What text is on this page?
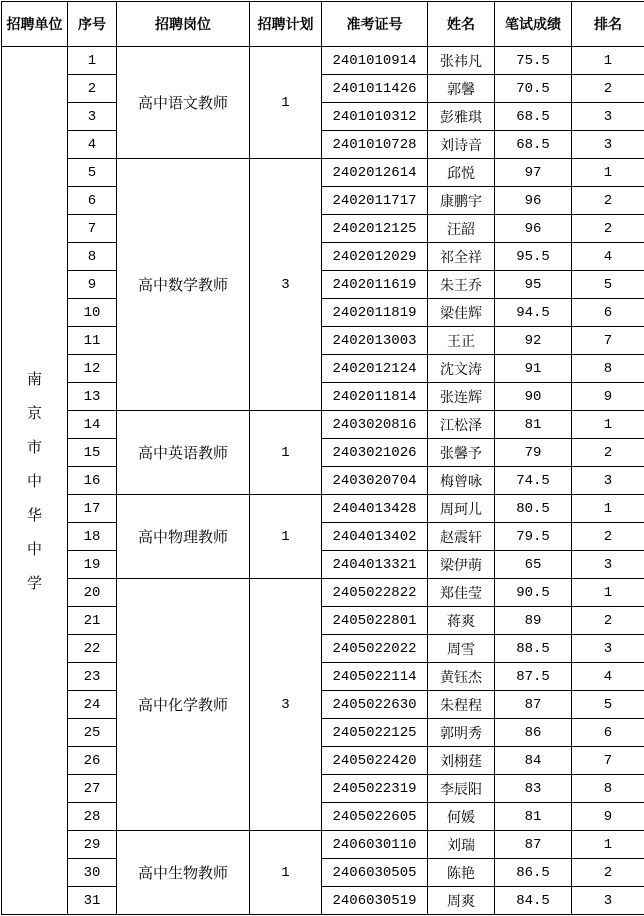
招聘单位	序号	招聘岗位	招聘计划	准考证号	姓名	笔试成绩	排名
南京市中华中学	1	高中语文教师	1	2401010914	张祎凡	75.5	1
	2			2401011426	郭馨	70.5	2
	3			2401010312	彭雅琪	68.5	3
	4			2401010728	刘诗音	68.5	3
	5	高中数学教师	3	2402012614	邱悦	97	1
	6			2402011717	康鹏宇	96	2
	7			2402012125	汪韶	96	2
	8			2402012029	祁全祥	95.5	4
	9			2402011619	朱王乔	95	5
	10			2402011819	梁佳辉	94.5	6
	11			2402013003	王正	92	7
	12			2402012124	沈文涛	91	8
	13			2402011814	张连辉	90	9
	14	高中英语教师	1	2403020816	江松泽	81	1
	15			2403021026	张馨予	79	2
	16			2403020704	梅曾咏	74.5	3
	17	高中物理教师	1	2404013428	周珂儿	80.5	1
	18			2404013402	赵震轩	79.5	2
	19			2404013321	梁伊萌	65	3
	20	高中化学教师	3	2405022822	郑佳莹	90.5	1
	21			2405022801	蒋爽	89	2
	22			2405022022	周雪	88.5	3
	23			2405022114	黄钰杰	87.5	4
	24			2405022630	朱程程	87	5
	25			2405022125	郭明秀	86	6
	26			2405022420	刘栩莛	84	7
	27			2405022319	李辰阳	83	8
	28			2405022605	何媛	81	9
	29	高中生物教师	1	2406030110	刘瑞	87	1
	30			2406030505	陈艳	86.5	2
	31			2406030519	周爽	84.5	3
